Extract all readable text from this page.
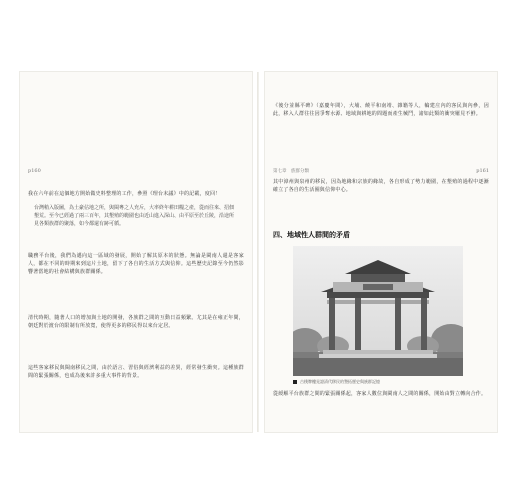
p160
我在六年前在這個地方開始做史料整理的工作，參照《理台末議》中的記載，度回！
台灣稍入版圖，為土豪佔地之所，與閩粵之人充斥，大率終年耕田糧之產，從而往來、招佃墾荒。至今已經過了兩三百年，其墾殖的範圍也由近山進入深山、由平原至於丘陵，沿途所見各類族群的聚落，如今都還有跡可循。
職務平台後，我們為邁向這一區域的發展，開始了解其原本的狀態。無論是閩南人還是客家人，都在不同的時期來到這片土地，留下了各自的生活方式與信仰。這些歷史記錄至今仍然影響著當地的社會結構與族群關係。
清代時期，隨著人口的增加與土地的開發，各族群之間的互動日益頻繁。尤其是在雍正年間，朝廷對於渡台的限制有所放寬，使得更多的移民得以來台定居。
這些客家移民與閩南移民之間，由於語言、習俗與經濟利益的差異，經常發生衝突。這種族群間的緊張關係，也成為後來許多重大事件的背景。
第七章　族群分類	p161
《後分並縣平碑》（嘉慶年間），大埔、饒平和南靖、雜籍等人，輪建庄內的客民與內參，因此，移入人群往往因爭奪水源、地域與耕地的問題而產生械鬥，諸如此類的衝突屢見不鮮。
其中漳州與泉州的移民，因為地緣和宗族的緣故，各自形成了勢力範圍，在墾殖的過程中逐漸確立了各自的生活圈與信仰中心。
四、地域性人群間的矛盾
古樸牌樓見證清代移民的墾拓歷史與族群記憶
從緩解平台族群之間的緊張關係起，客家人數位與閩南人之間的關係，開始由對立轉向合作。
